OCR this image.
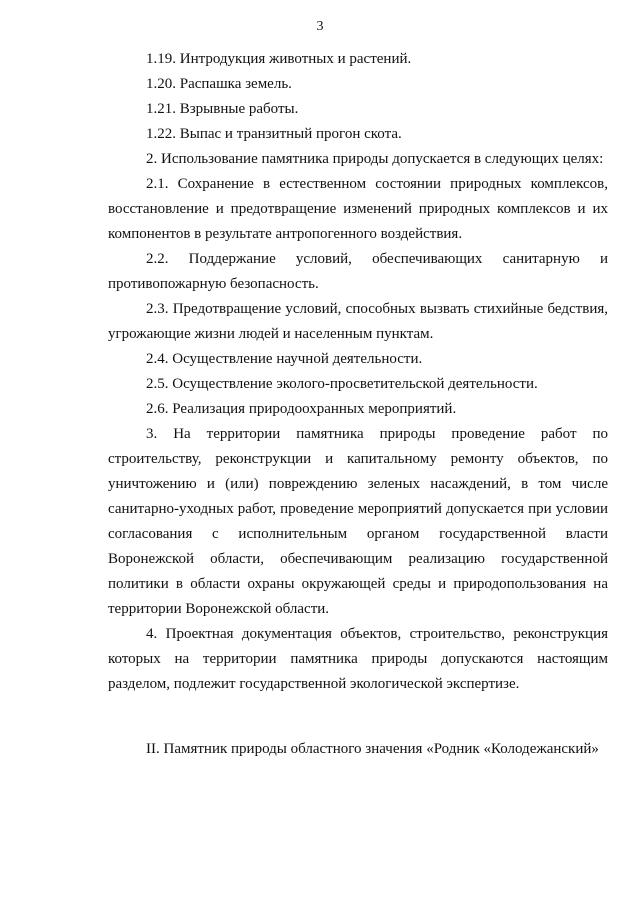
3

1.19. Интродукция животных и растений.

1.20. Распашка земель.

1.21. Взрывные работы.

1.22. Выпас и транзитный прогон скота.

2. Использование памятника природы допускается в следующих целях:

2.1. Сохранение в естественном состоянии природных комплексов, восстановление и предотвращение изменений природных комплексов и их компонентов в результате антропогенного воздействия.

2.2. Поддержание условий, обеспечивающих санитарную и противопожарную безопасность.

2.3. Предотвращение условий, способных вызвать стихийные бедствия, угрожающие жизни людей и населенным пунктам.

2.4. Осуществление научной деятельности.

2.5. Осуществление эколого-просветительской деятельности.

2.6. Реализация природоохранных мероприятий.

3. На территории памятника природы проведение работ по строительству, реконструкции и капитальному ремонту объектов, по уничтожению и (или) повреждению зеленых насаждений, в том числе санитарно-уходных работ, проведение мероприятий допускается при условии согласования с исполнительным органом государственной власти Воронежской области, обеспечивающим реализацию государственной политики в области охраны окружающей среды и природопользования на территории Воронежской области.

4. Проектная документация объектов, строительство, реконструкция которых на территории памятника природы допускаются настоящим разделом, подлежит государственной экологической экспертизе.

II. Памятник природы областного значения «Родник «Колодежанский»
